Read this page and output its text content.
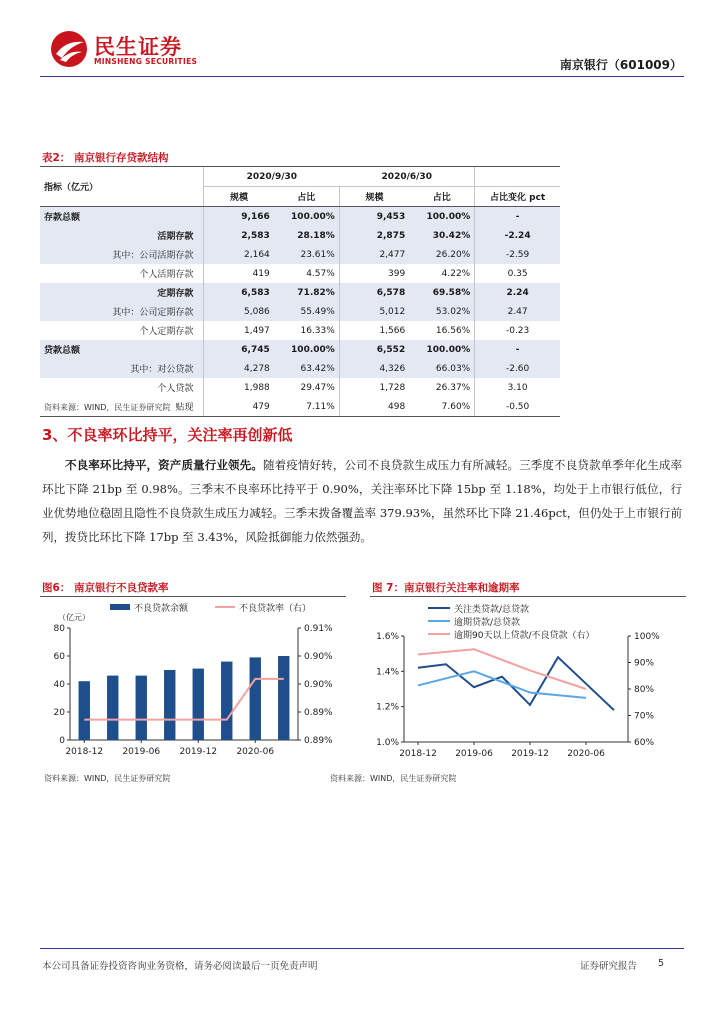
民生证券
MINSHENG SECURITIES	南京银行（601009）
表2： 南京银行存贷款结构
指标（亿元）	2020/9/30		2020/6/30		
	规模	占比	规模	占比	占比变化 pct
存款总额	9,166	100.00%	9,453	100.00%	-
活期存款	2,583	28.18%	2,875	30.42%	-2.24
其中：公司活期存款	2,164	23.61%	2,477	26.20%	-2.59
个人活期存款	419	4.57%	399	4.22%	0.35
定期存款	6,583	71.82%	6,578	69.58%	2.24
其中：公司定期存款	5,086	55.49%	5,012	53.02%	2.47
个人定期存款	1,497	16.33%	1,566	16.56%	-0.23
贷款总额	6,745	100.00%	6,552	100.00%	-
其中：对公贷款	4,278	63.42%	4,326	66.03%	-2.60
个人贷款	1,988	29.47%	1,728	26.37%	3.10
贴现	479	7.11%	498	7.60%	-0.50
资料来源：WIND，民生证券研究院
3、不良率环比持平，关注率再创新低
不良率环比持平，资产质量行业领先。随着疫情好转，公司不良贷款生成压力有所减轻。三季度不良贷款单季年化生成率环比下降 21bp 至 0.98%。三季末不良率环比持平于 0.90%，关注率环比下降 15bp 至 1.18%，均处于上市银行低位，行业优势地位稳固且隐性不良贷款生成压力减轻。三季末拨备覆盖率 379.93%，虽然环比下降 21.46pct，但仍处于上市银行前列，拨贷比环比下降 17bp 至 3.43%，风险抵御能力依然强劲。
图6： 南京银行不良贷款率	图 7：南京银行关注率和逾期率
不良贷款余额	不良贷款率（右）
（亿元）
0
20
40
60
80	0.91%
0.90%
0.90%
0.89%
0.89%
2018-12 2019-06 2019-12 2020-06
关注类贷款/总贷款
逾期贷款/总贷款
逾期90天以上贷款/不良贷款（右）
1.0%
1.2%
1.4%
1.6%
60%
70%
80%
90%
100%
2018-12 2019-06 2019-12 2020-06
资料来源：WIND，民生证券研究院	资料来源：WIND，民生证券研究院
本公司具备证券投资咨询业务资格，请务必阅读最后一页免责声明	证券研究报告 5
